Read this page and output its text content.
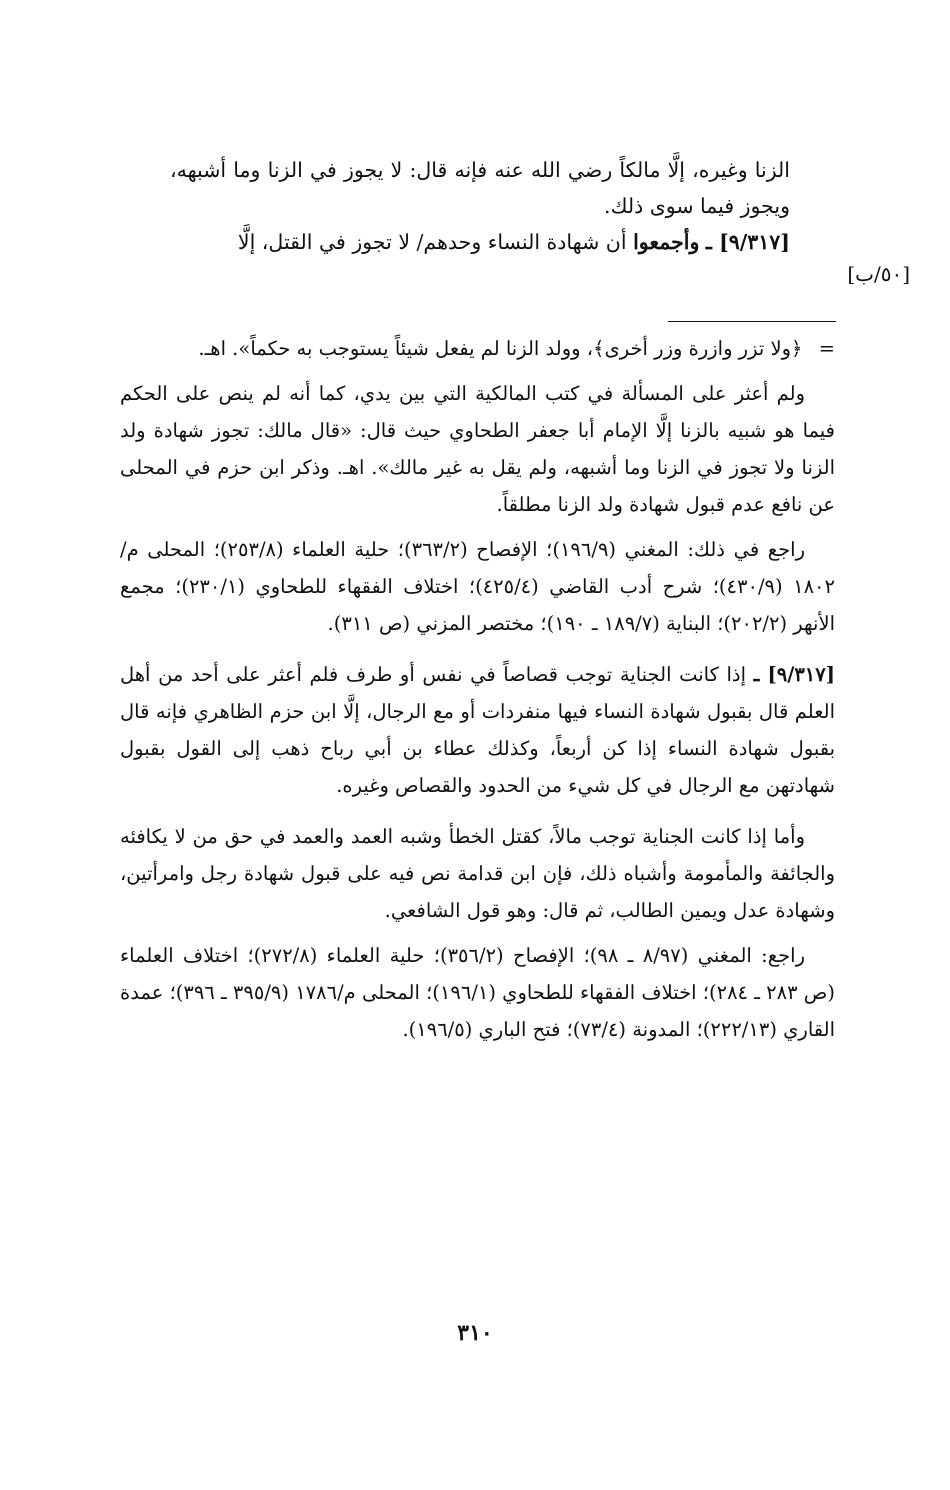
الزنا وغيره، إلَّا مالكاً رضي الله عنه فإنه قال: لا يجوز في الزنا وما أشبهه، ويجوز فيما سوى ذلك.

[٩/٣١٧] ـ وأجمعوا أن شهادة النساء وحدهم/ لا تجوز في القتل، إلَّا

[٥٠/ب]

= ﴿ولا تزر وازرة وزر أخرى﴾، وولد الزنا لم يفعل شيئاً يستوجب به حكماً». اهـ.

ولم أعثر على المسألة في كتب المالكية التي بين يدي، كما أنه لم ينص على الحكم فيما هو شبيه بالزنا إلَّا الإمام أبا جعفر الطحاوي حيث قال: «قال مالك: تجوز شهادة ولد الزنا ولا تجوز في الزنا وما أشبهه، ولم يقل به غير مالك». اهـ. وذكر ابن حزم في المحلى عن نافع عدم قبول شهادة ولد الزنا مطلقاً.

راجع في ذلك: المغني (١٩٦/٩)؛ الإفصاح (٣٦٣/٢)؛ حلية العلماء (٢٥٣/٨)؛ المحلى م/١٨٠٢ (٤٣٠/٩)؛ شرح أدب القاضي (٤٢٥/٤)؛ اختلاف الفقهاء للطحاوي (٢٣٠/١)؛ مجمع الأنهر (٢٠٢/٢)؛ البناية (١٨٩/٧ ـ ١٩٠)؛ مختصر المزني (ص ٣١١).

[٩/٣١٧] ـ إذا كانت الجناية توجب قصاصاً في نفس أو طرف فلم أعثر على أحد من أهل العلم قال بقبول شهادة النساء فيها منفردات أو مع الرجال، إلَّا ابن حزم الظاهري فإنه قال بقبول شهادة النساء إذا كن أربعاً، وكذلك عطاء بن أبي رباح ذهب إلى القول بقبول شهادتهن مع الرجال في كل شيء من الحدود والقصاص وغيره.

وأما إذا كانت الجناية توجب مالاً، كقتل الخطأ وشبه العمد والعمد في حق من لا يكافئه والجائفة والمأمومة وأشباه ذلك، فإن ابن قدامة نص فيه على قبول شهادة رجل وامرأتين، وشهادة عدل ويمين الطالب، ثم قال: وهو قول الشافعي.

راجع: المغني (٨/٩٧ ـ ٩٨)؛ الإفصاح (٣٥٦/٢)؛ حلية العلماء (٢٧٢/٨)؛ اختلاف العلماء (ص ٢٨٣ ـ ٢٨٤)؛ اختلاف الفقهاء للطحاوي (١٩٦/١)؛ المحلى م/١٧٨٦ (٣٩٥/٩ ـ ٣٩٦)؛ عمدة القاري (٢٢٢/١٣)؛ المدونة (٧٣/٤)؛ فتح الباري (١٩٦/٥).

٣١٠
